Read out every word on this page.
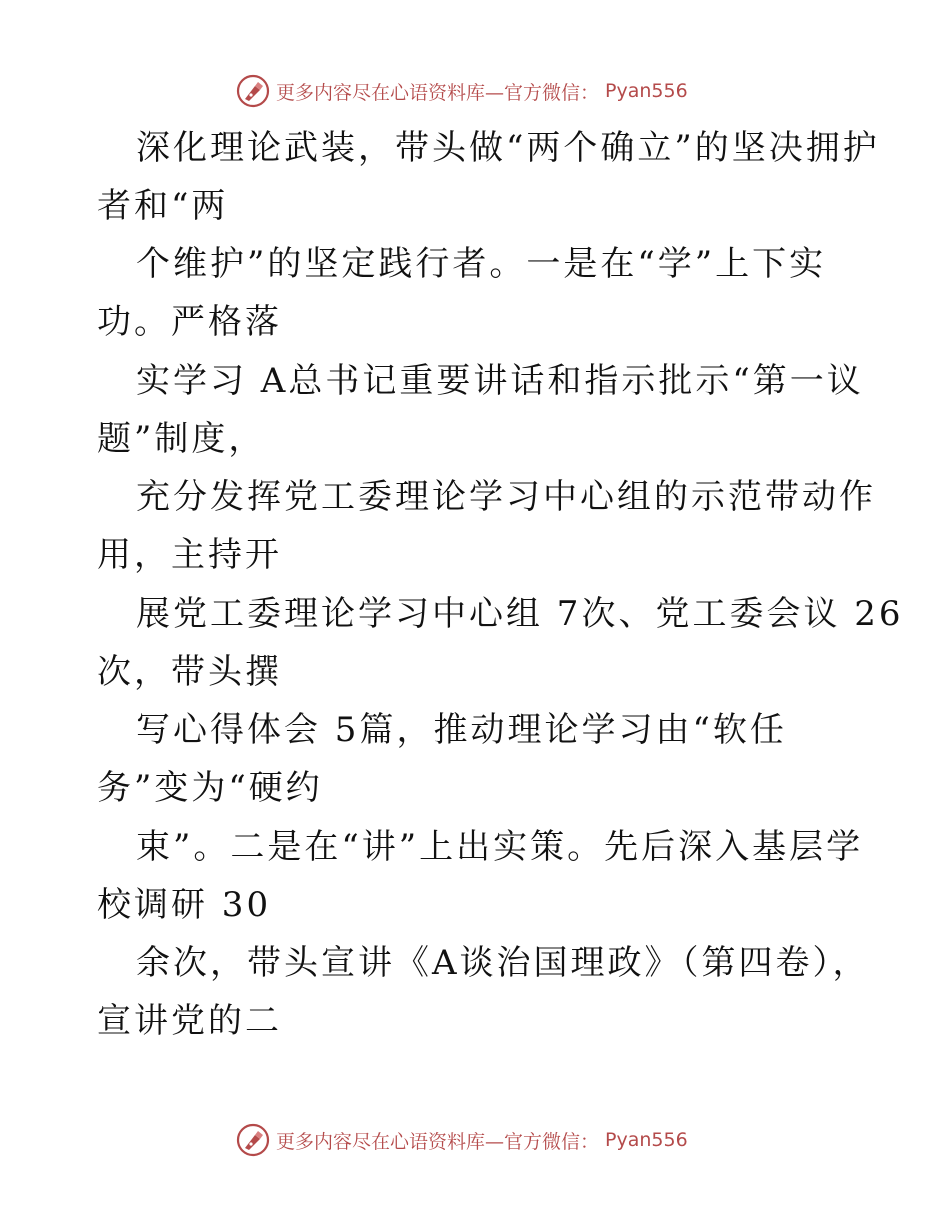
更多内容尽在心语资料库—官方微信： Pyan556
深化理论武装，带头做“两个确立”的坚决拥护
者和“两
个维护”的坚定践行者。一是在“学”上下实
功。严格落
实学习 A总书记重要讲话和指示批示“第一议
题”制度，
充分发挥党工委理论学习中心组的示范带动作
用，主持开
展党工委理论学习中心组 7次、党工委会议 26
次，带头撰
写心得体会 5篇，推动理论学习由“软任
务”变为“硬约
束”。二是在“讲”上出实策。先后深入基层学
校调研 30
余次，带头宣讲《A谈治国理政》（第四卷），
宣讲党的二
更多内容尽在心语资料库—官方微信： Pyan556
